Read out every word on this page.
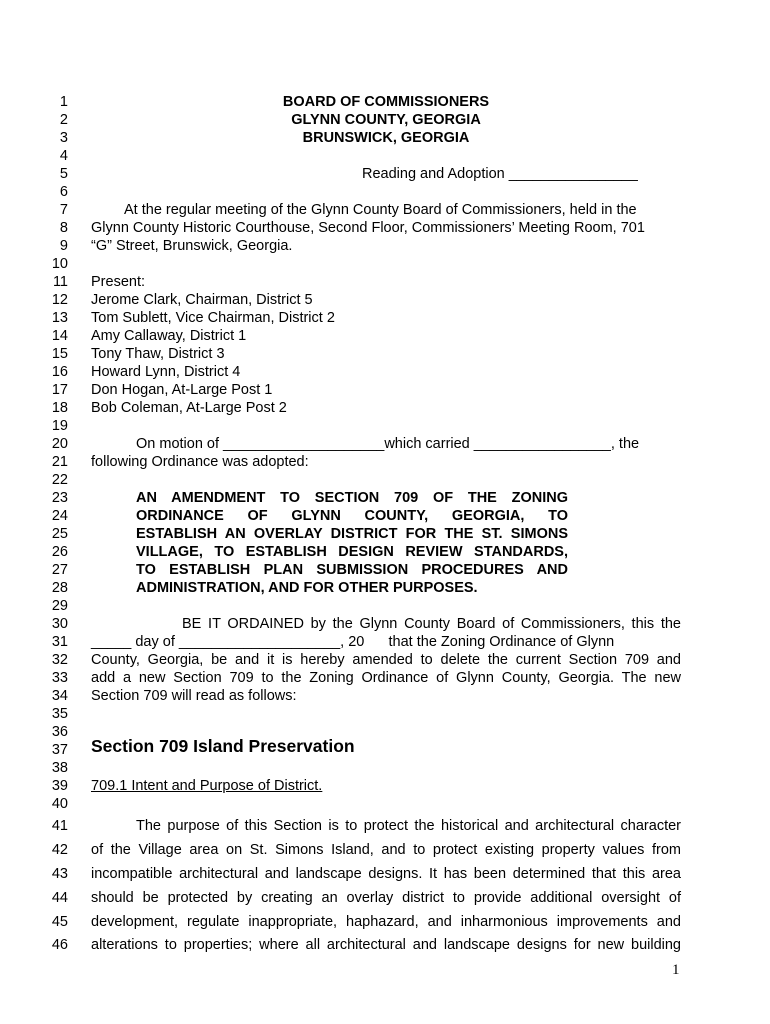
1
2
3
4
5
6
7
8
9
10
11
12
13
14
15
16
17
18
19
20
21
22
23
24
25
26
27
28
29
30
31
32
33
34
35
36
37
38
39
40
41
42
43
44
45
46
BOARD OF COMMISSIONERS
GLYNN COUNTY, GEORGIA
BRUNSWICK, GEORGIA
Reading and Adoption ________________
At the regular meeting of the Glynn County Board of Commissioners, held in the
Glynn County Historic Courthouse, Second Floor, Commissioners’ Meeting Room, 701
“G” Street, Brunswick, Georgia.
Present:
Jerome Clark, Chairman, District 5
Tom Sublett, Vice Chairman, District 2
Amy Callaway, District 1
Tony Thaw, District 3
Howard Lynn, District 4
Don Hogan, At-Large Post 1
Bob Coleman, At-Large Post 2
On motion of ____________________which carried _________________, the
following Ordinance was adopted:
AN AMENDMENT TO SECTION 709 OF THE ZONING
ORDINANCE OF GLYNN COUNTY, GEORGIA, TO
ESTABLISH AN OVERLAY DISTRICT FOR THE ST. SIMONS
VILLAGE, TO ESTABLISH DESIGN REVIEW STANDARDS,
TO ESTABLISH PLAN SUBMISSION PROCEDURES AND
ADMINISTRATION, AND FOR OTHER PURPOSES.
BE IT ORDAINED by the Glynn County Board of Commissioners, this the
_____ day of ____________________, 20      that the Zoning Ordinance of Glynn
County, Georgia, be and it is hereby amended to delete the current Section 709 and
add a new Section 709 to the Zoning Ordinance of Glynn County, Georgia. The new
Section 709 will read as follows:
Section 709 Island Preservation
709.1 Intent and Purpose of District.
The purpose of this Section is to protect the historical and architectural character
of the Village area on St. Simons Island, and to protect existing property values from
incompatible architectural and landscape designs. It has been determined that this area
should be protected by creating an overlay district to provide additional oversight of
development, regulate inappropriate, haphazard, and inharmonious improvements and
alterations to properties; where all architectural and landscape designs for new building
1
